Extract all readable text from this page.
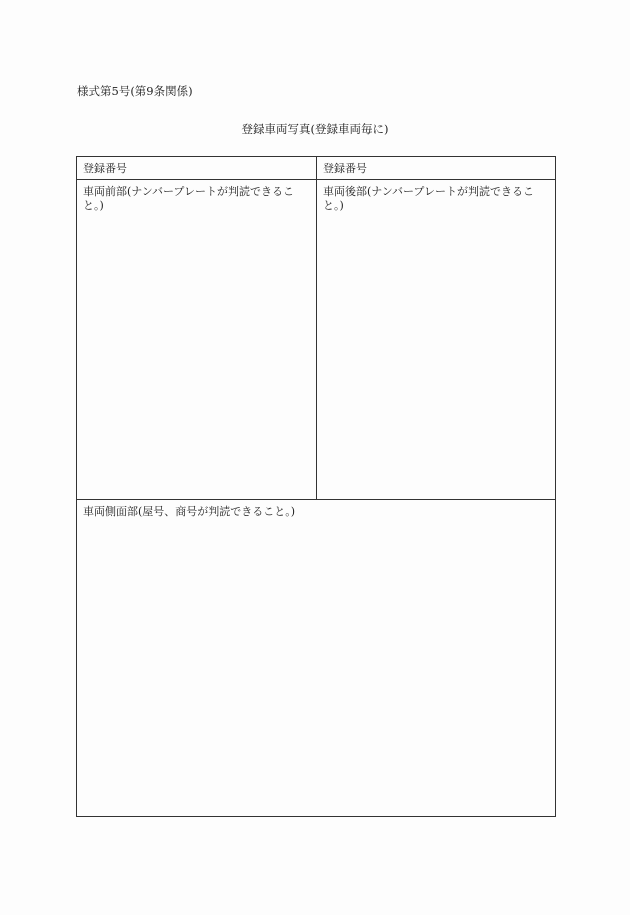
様式第5号(第9条関係)
登録車両写真(登録車両毎に)
登録番号	登録番号
車両前部(ナンバープレートが判読できること。)
車両後部(ナンバープレートが判読できること。)
車両側面部(屋号、商号が判読できること。)
